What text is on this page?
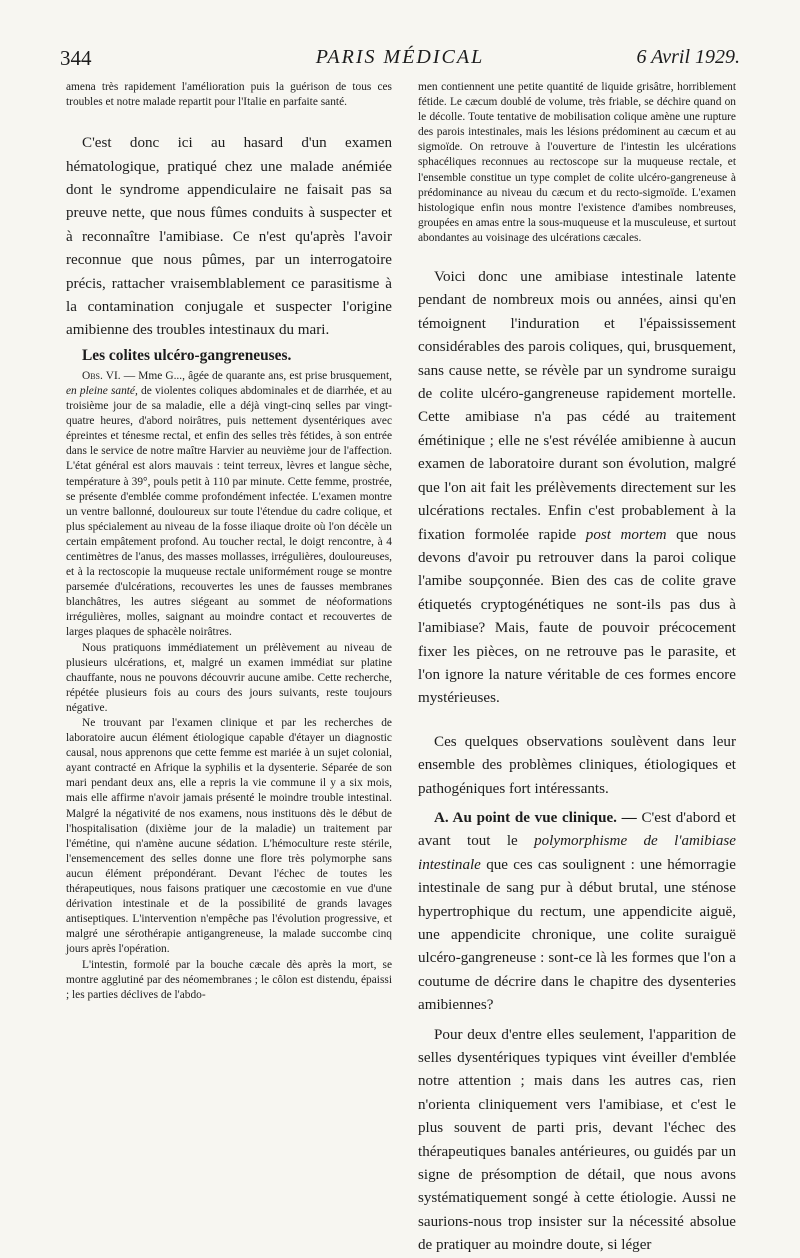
344	PARIS MÉDICAL	6 Avril 1929.

amena très rapidement l'amélioration puis la guérison de tous ces troubles et notre malade repartit pour l'Italie en parfaite santé.

C'est donc ici au hasard d'un examen hématologique, pratiqué chez une malade anémiée dont le syndrome appendiculaire ne faisait pas sa preuve nette, que nous fûmes conduits à suspecter et à reconnaître l'amibiase. Ce n'est qu'après l'avoir reconnue que nous pûmes, par un interrogatoire précis, rattacher vraisemblablement ce parasitisme à la contamination conjugale et suspecter l'origine amibienne des troubles intestinaux du mari.

Les colites ulcéro-gangreneuses.

Obs. VI. — Mme G..., âgée de quarante ans, est prise brusquement, en pleine santé, de violentes coliques abdominales et de diarrhée, et au troisième jour de sa maladie, elle a déjà vingt-cinq selles par vingt-quatre heures, d'abord noirâtres, puis nettement dysentériques avec épreintes et ténesme rectal, et enfin des selles très fétides, à son entrée dans le service de notre maître Harvier au neuvième jour de l'affection. L'état général est alors mauvais : teint terreux, lèvres et langue sèche, température à 39°, pouls petit à 110 par minute. Cette femme, prostrée, se présente d'emblée comme profondément infectée. L'examen montre un ventre ballonné, douloureux sur toute l'étendue du cadre colique, et plus spécialement au niveau de la fosse iliaque droite où l'on décèle un certain empâtement profond. Au toucher rectal, le doigt rencontre, à 4 centimètres de l'anus, des masses mollasses, irrégulières, douloureuses, et à la rectoscopie la muqueuse rectale uniformément rouge se montre parsemée d'ulcérations, recouvertes les unes de fausses membranes blanchâtres, les autres siégeant au sommet de néoformations irrégulières, molles, saignant au moindre contact et recouvertes de larges plaques de sphacèle noirâtres.

Nous pratiquons immédiatement un prélèvement au niveau de plusieurs ulcérations, et, malgré un examen immédiat sur platine chauffante, nous ne pouvons découvrir aucune amibe. Cette recherche, répétée plusieurs fois au cours des jours suivants, reste toujours négative.

Ne trouvant par l'examen clinique et par les recherches de laboratoire aucun élément étiologique capable d'étayer un diagnostic causal, nous apprenons que cette femme est mariée à un sujet colonial, ayant contracté en Afrique la syphilis et la dysenterie. Séparée de son mari pendant deux ans, elle a repris la vie commune il y a six mois, mais elle affirme n'avoir jamais présenté le moindre trouble intestinal. Malgré la négativité de nos examens, nous instituons dès le début de l'hospitalisation (dixième jour de la maladie) un traitement par l'émétine, qui n'amène aucune sédation. L'hémoculture reste stérile, l'ensemencement des selles donne une flore très polymorphe sans aucun élément prépondérant. Devant l'échec de toutes les thérapeutiques, nous faisons pratiquer une cæcostomie en vue d'une dérivation intestinale et de la possibilité de grands lavages antiseptiques. L'intervention n'empêche pas l'évolution progressive, et malgré une sérothérapie antigangreneuse, la malade succombe cinq jours après l'opération.

L'intestin, formolé par la bouche cæcale dès après la mort, se montre agglutiné par des néomembranes ; le côlon est distendu, épaissi ; les parties déclives de l'abdo-

men contiennent une petite quantité de liquide grisâtre, horriblement fétide. Le cæcum doublé de volume, très friable, se déchire quand on le décolle. Toute tentative de mobilisation colique amène une rupture des parois intestinales, mais les lésions prédominent au cæcum et au sigmoïde. On retrouve à l'ouverture de l'intestin les ulcérations sphacéliques reconnues au rectoscope sur la muqueuse rectale, et l'ensemble constitue un type complet de colite ulcéro-gangreneuse à prédominance au niveau du cæcum et du recto-sigmoïde. L'examen histologique enfin nous montre l'existence d'amibes nombreuses, groupées en amas entre la sous-muqueuse et la musculeuse, et surtout abondantes au voisinage des ulcérations cæcales.

Voici donc une amibiase intestinale latente pendant de nombreux mois ou années, ainsi qu'en témoignent l'induration et l'épaississement considérables des parois coliques, qui, brusquement, sans cause nette, se révèle par un syndrome suraigu de colite ulcéro-gangreneuse rapidement mortelle. Cette amibiase n'a pas cédé au traitement émétinique ; elle ne s'est révélée amibienne à aucun examen de laboratoire durant son évolution, malgré que l'on ait fait les prélèvements directement sur les ulcérations rectales. Enfin c'est probablement à la fixation formolée rapide post mortem que nous devons d'avoir pu retrouver dans la paroi colique l'amibe soupçonnée. Bien des cas de colite grave étiquetés cryptogénétiques ne sont-ils pas dus à l'amibiase? Mais, faute de pouvoir précocement fixer les pièces, on ne retrouve pas le parasite, et l'on ignore la nature véritable de ces formes encore mystérieuses.

Ces quelques observations soulèvent dans leur ensemble des problèmes cliniques, étiologiques et pathogéniques fort intéressants.

A. Au point de vue clinique. — C'est d'abord et avant tout le polymorphisme de l'amibiase intestinale que ces cas soulignent : une hémorragie intestinale de sang pur à début brutal, une sténose hypertrophique du rectum, une appendicite aiguë, une appendicite chronique, une colite suraiguë ulcéro-gangreneuse : sont-ce là les formes que l'on a coutume de décrire dans le chapitre des dysenteries amibiennes?

Pour deux d'entre elles seulement, l'apparition de selles dysentériques typiques vint éveiller d'emblée notre attention ; mais dans les autres cas, rien n'orienta cliniquement vers l'amibiase, et c'est le plus souvent de parti pris, devant l'échec des thérapeutiques banales antérieures, ou guidés par un signe de présomption de détail, que nous avons systématiquement songé à cette étiologie. Aussi ne saurions-nous trop insister sur la nécessité absolue de pratiquer au moindre doute, si léger
